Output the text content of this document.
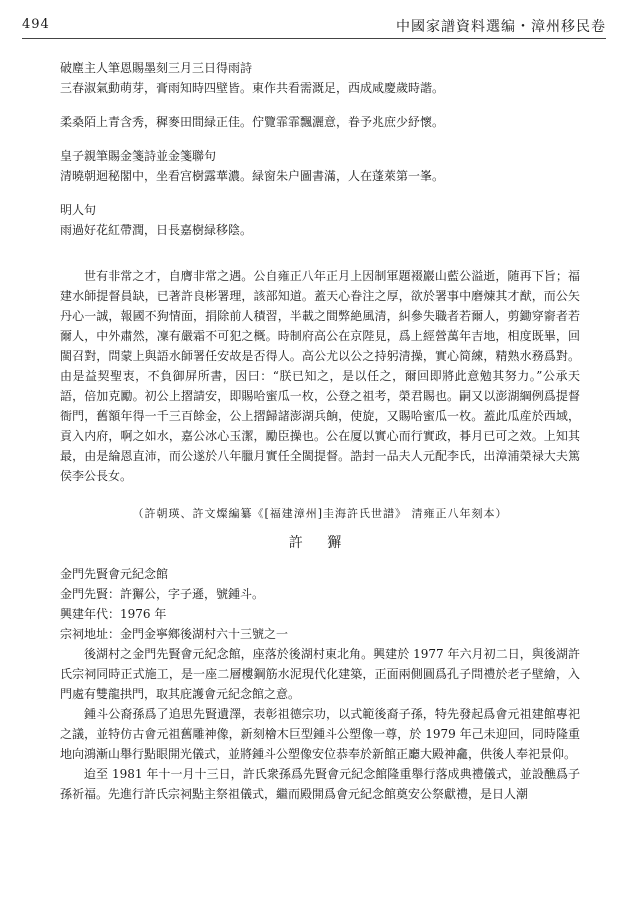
494	中國家譜資料選编・漳州移民卷

破塵主人筆恩賜墨刻三月三日得雨詩

三春淑氣動萌芽，膏雨知時四壁皆。東作共看需溉足，西成咸慶歲時諧。

柔桑陌上青含秀，穉麥田間緑正佳。佇覽霏霏飄灑意，眷予兆庶少紓懷。

皇子親筆賜金箋詩並金箋聯句

清曉朝迴秘閣中，坐看宫樹露華濃。緑窗朱户圖書滿，人在蓬萊第一峯。

明人句

雨過好花紅帶潤，日長嘉樹緑移陰。

世有非常之才，自膺非常之遇。公自雍正八年正月上因制軍題裰巖山藍公溢逝，随再下旨；福建水師提督員缺，已著許良彬署理，該部知道。蓋天心眷注之厚，欲於署事中磨煉其才猷，而公矢丹心一誠，報國不狗情面，捐除前人積習，半載之間弊絶風清，糾參失職者若爾人，剪鋤穿窬者若爾人，中外肅然，凜有嚴霜不可犯之概。時制府高公在京陛見，爲上經營萬年吉地，相度既畢，回閩召對，問蒙上與語水師署任安故是否得人。高公尤以公之持躬清操，實心简練，精熟水務爲對。由是益契聖衷，不負御屏所書，因曰：“朕已知之，是以任之，爾回即將此意勉其努力。”公承天語，倍加克勵。初公上摺請安，即賜哈蜜瓜一枚，公登之祖考，榮君賜也。嗣又以澎湖綱例爲提督衙門，舊額年得一千三百餘金，公上摺歸諸澎湖兵餉，使旋，又賜哈蜜瓜一枚。蓋此瓜産於西域，貢入内府，啊之如水，嘉公冰心玉潔，勵臣操也。公在厦以實心而行實政，朞月已可之效。上知其最，由是綸恩直沛，而公遂於八年臘月實任全閩提督。誥封一品夫人元配李氏，出漳浦榮禄大夫篤侯李公長女。

（許朝瑛、許文燦編纂《[福建漳州]圭海許氏世譜》 清雍正八年刻本）

許 獬

金門先賢會元紀念館

金門先賢：許獬公，字子遜，號鍾斗。

興建年代：1976 年

宗祠地址：金門金寧鄉後湖村六十三號之一

後湖村之金門先賢會元紀念館，座落於後湖村東北角。興建於 1977 年六月初二日，與後湖許氏宗祠同時正式施工，是一座二層樓鋼筋水泥現代化建築，正面兩側圓爲孔子問禮於老子壁繪，入門處有雙龍拱門，取其庇護會元紀念館之意。

鍾斗公裔孫爲了追思先賢遺澤，表彰祖德宗功，以式範後裔子孫，特先發起爲會元祖建館專祀之議，並特仿古會元祖舊雕神像，新刻檜木巨型鍾斗公塑像一尊，於 1979 年己未迎回，同時隆重地向鴻漸山舉行點眼開光儀式，並將鍾斗公塑像安位恭奉於新館正廳大殿神龕，供後人奉祀景仰。

迨至 1981 年十一月十三日，許氏衆孫爲先賢會元紀念館隆重舉行落成典禮儀式，並設醮爲子孫祈福。先進行許氏宗祠點主祭祖儀式，繼而殿開爲會元紀念館奠安公祭獻禮，是日人潮
